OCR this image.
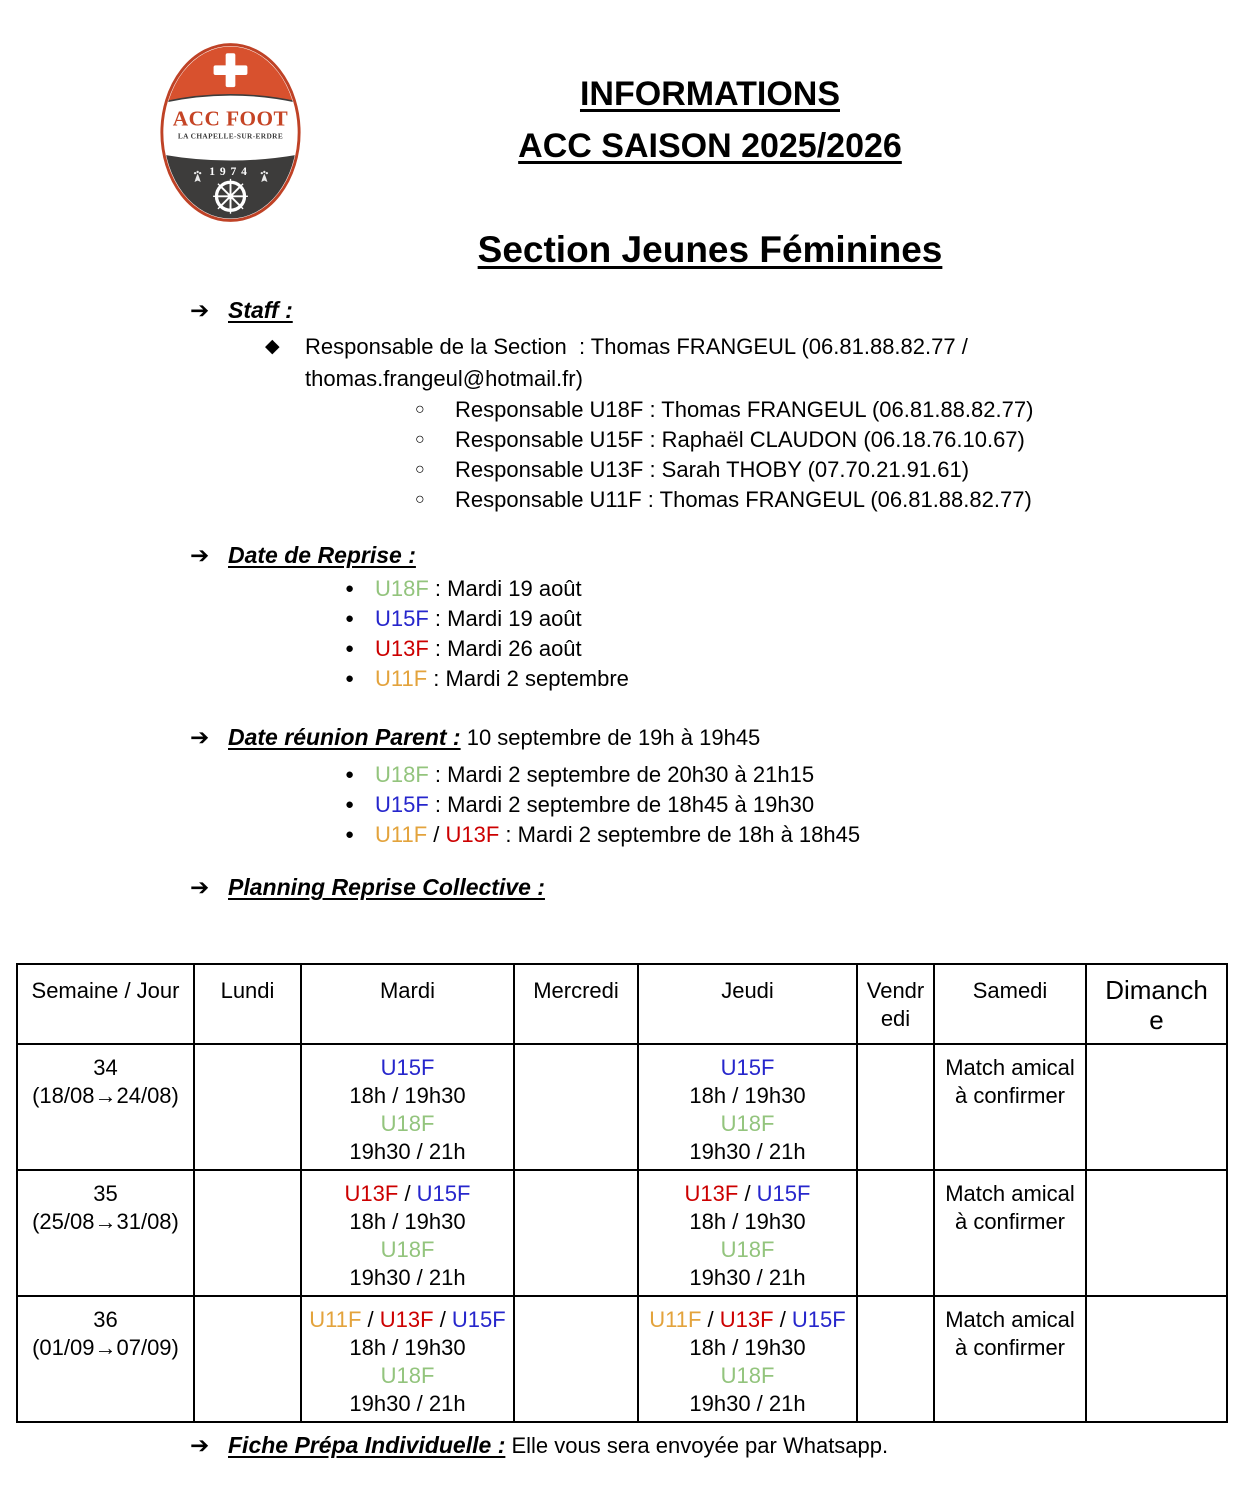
ACC FOOT
LA CHAPELLE-SUR-ERDRE
1974
INFORMATIONS
ACC SAISON 2025/2026
Section Jeunes Féminines
➔ Staff :
◆	Responsable de la Section  : Thomas FRANGEUL (06.81.88.82.77 /
thomas.frangeul@hotmail.fr)
○	Responsable U18F : Thomas FRANGEUL (06.81.88.82.77)
○	Responsable U15F : Raphaël CLAUDON (06.18.76.10.67)
○	Responsable U13F : Sarah THOBY (07.70.21.91.61)
○	Responsable U11F : Thomas FRANGEUL (06.81.88.82.77)
➔ Date de Reprise :
● U18F : Mardi 19 août
● U15F : Mardi 19 août
● U13F : Mardi 26 août
● U11F : Mardi 2 septembre
➔ Date réunion Parent : 10 septembre de 19h à 19h45
● U18F : Mardi 2 septembre de 20h30 à 21h15
● U15F : Mardi 2 septembre de 18h45 à 19h30
● U11F / U13F : Mardi 2 septembre de 18h à 18h45
➔ Planning Reprise Collective :
Semaine / Jour	Lundi	Mardi	Mercredi	Jeudi	Vendredi	Samedi	Dimanche

34
(18/08→24/08)		U15F
18h / 19h30
U18F
19h30 / 21h		U15F
18h / 19h30
U18F
19h30 / 21h		Match amical
à confirmer	

35
(25/08→31/08)		U13F / U15F
18h / 19h30
U18F
19h30 / 21h		U13F / U15F
18h / 19h30
U18F
19h30 / 21h		Match amical
à confirmer	

36
(01/09→07/09)		U11F / U13F / U15F
18h / 19h30
U18F
19h30 / 21h		U11F / U13F / U15F
18h / 19h30
U18F
19h30 / 21h		Match amical
à confirmer	

➔ Fiche Prépa Individuelle : Elle vous sera envoyée par Whatsapp.
